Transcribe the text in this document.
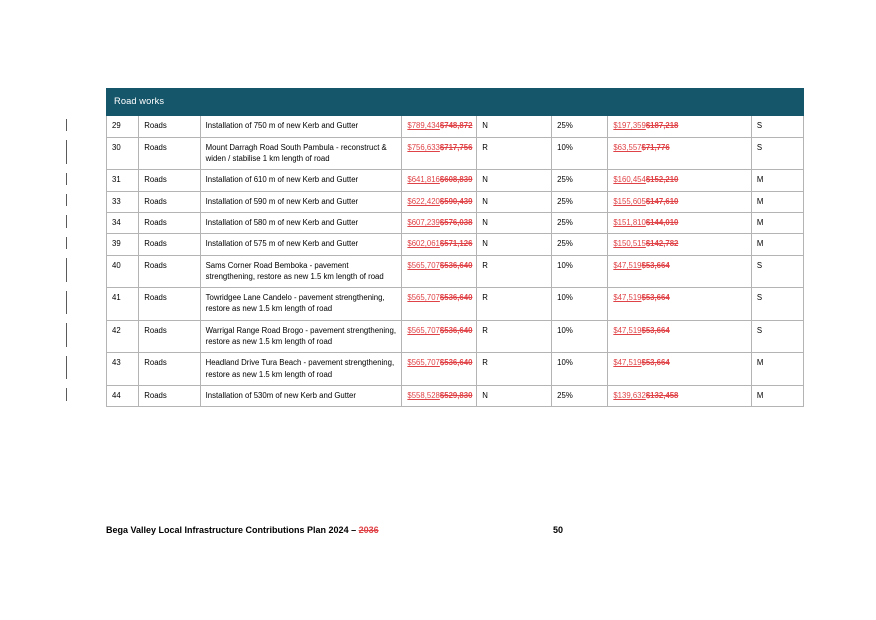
Road works							
29	Roads	Installation of 750 m of new Kerb and Gutter	$789,434$748,872	N	25%	$197,359$187,218	S
30	Roads	Mount Darragh Road South Pambula - reconstruct & widen / stabilise 1 km length of road	$756,633$717,756	R	10%	$63,557$71,776	S
31	Roads	Installation of 610 m of new Kerb and Gutter	$641,816$608,839	N	25%	$160,454$152,210	M
33	Roads	Installation of 590 m of new Kerb and Gutter	$622,420$590,439	N	25%	$155,605$147,610	M
34	Roads	Installation of 580 m of new Kerb and Gutter	$607,239$576,038	N	25%	$151,810$144,010	M
39	Roads	Installation of 575 m of new Kerb and Gutter	$602,061$571,126	N	25%	$150,515$142,782	M
40	Roads	Sams Corner Road Bemboka - pavement strengthening, restore as new 1.5 km length of road	$565,707$536,640	R	10%	$47,519$53,664	S
41	Roads	Towridgee Lane Candelo - pavement strengthening, restore as new 1.5 km length of road	$565,707$536,640	R	10%	$47,519$53,664	S
42	Roads	Warrigal Range Road Brogo - pavement strengthening, restore as new 1.5 km length of road	$565,707$536,640	R	10%	$47,519$53,664	S
43	Roads	Headland Drive Tura Beach - pavement strengthening, restore as new 1.5 km length of road	$565,707$536,640	R	10%	$47,519$53,664	M
44	Roads	Installation of 530m of new Kerb and Gutter	$558,528$529,830	N	25%	$139,632$132,458	M
Bega Valley Local Infrastructure Contributions Plan 2024 – 2036	50
